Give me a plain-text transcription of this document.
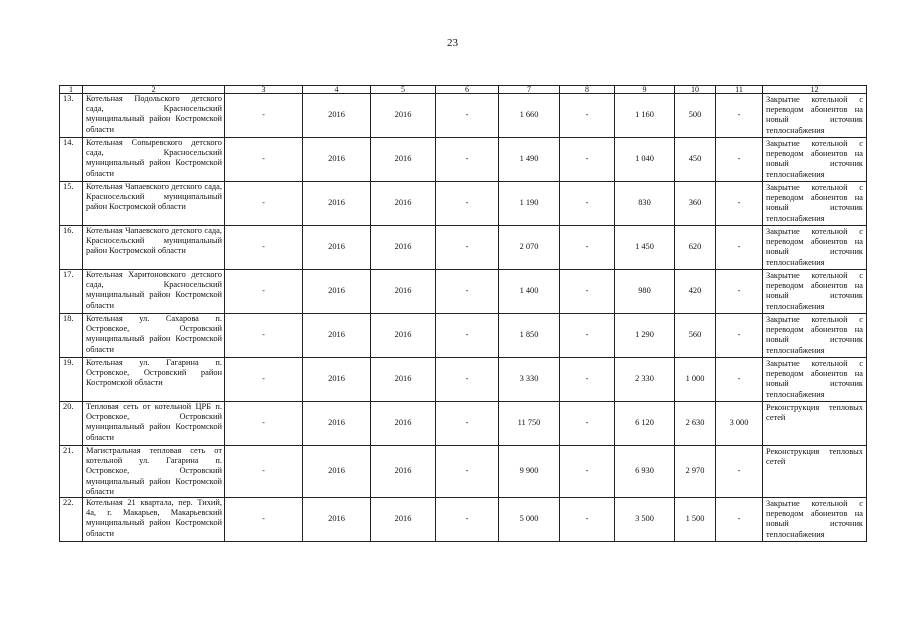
23
1	2	3	4	5	6	7	8	9	10	11	12
13.	Котельная Подольского детского сада, Красносельский муниципальный район Костромской области	-	2016	2016	-	1 660	-	1 160	500	-	Закрытие котельной с переводом абонентов на новый источник теплоснабжения
14.	Котельная Сопыревского детского сада, Красносельский муниципальный район Костромской области	-	2016	2016	-	1 490	-	1 040	450	-	Закрытие котельной с переводом абонентов на новый источник теплоснабжения
15.	Котельная Чапаевского детского сада, Красносельский муниципальный район Костромской области	-	2016	2016	-	1 190	-	830	360	-	Закрытие котельной с переводом абонентов на новый источник теплоснабжения
16.	Котельная Чапаевского детского сада, Красносельский муниципальный район Костромской области	-	2016	2016	-	2 070	-	1 450	620	-	Закрытие котельной с переводом абонентов на новый источник теплоснабжения
17.	Котельная Харитоновского детского сада, Красносельский муниципальный район Костромской области	-	2016	2016	-	1 400	-	980	420	-	Закрытие котельной с переводом абонентов на новый источник теплоснабжения
18.	Котельная ул. Сахарова п. Островское, Островский муниципальный район Костромской области	-	2016	2016	-	1 850	-	1 290	560	-	Закрытие котельной с переводом абонентов на новый источник теплоснабжения
19.	Котельная ул. Гагарина п. Островское, Островский район Костромской области	-	2016	2016	-	3 330	-	2 330	1 000	-	Закрытие котельной с переводом абонентов на новый источник теплоснабжения
20.	Тепловая сеть от котельной ЦРБ п. Островское, Островский муниципальный район Костромской области	-	2016	2016	-	11 750	-	6 120	2 630	3 000	Реконструкция тепловых сетей
21.	Магистральная тепловая сеть от котельной ул. Гагарина п. Островское, Островский муниципальный район Костромской области	-	2016	2016	-	9 900	-	6 930	2 970	-	Реконструкция тепловых сетей
22.	Котельная 21 квартала, пер. Тихий, 4а, г. Макарьев, Макарьевский муниципальный район Костромской области	-	2016	2016	-	5 000	-	3 500	1 500	-	Закрытие котельной с переводом абонентов на новый источник теплоснабжения
